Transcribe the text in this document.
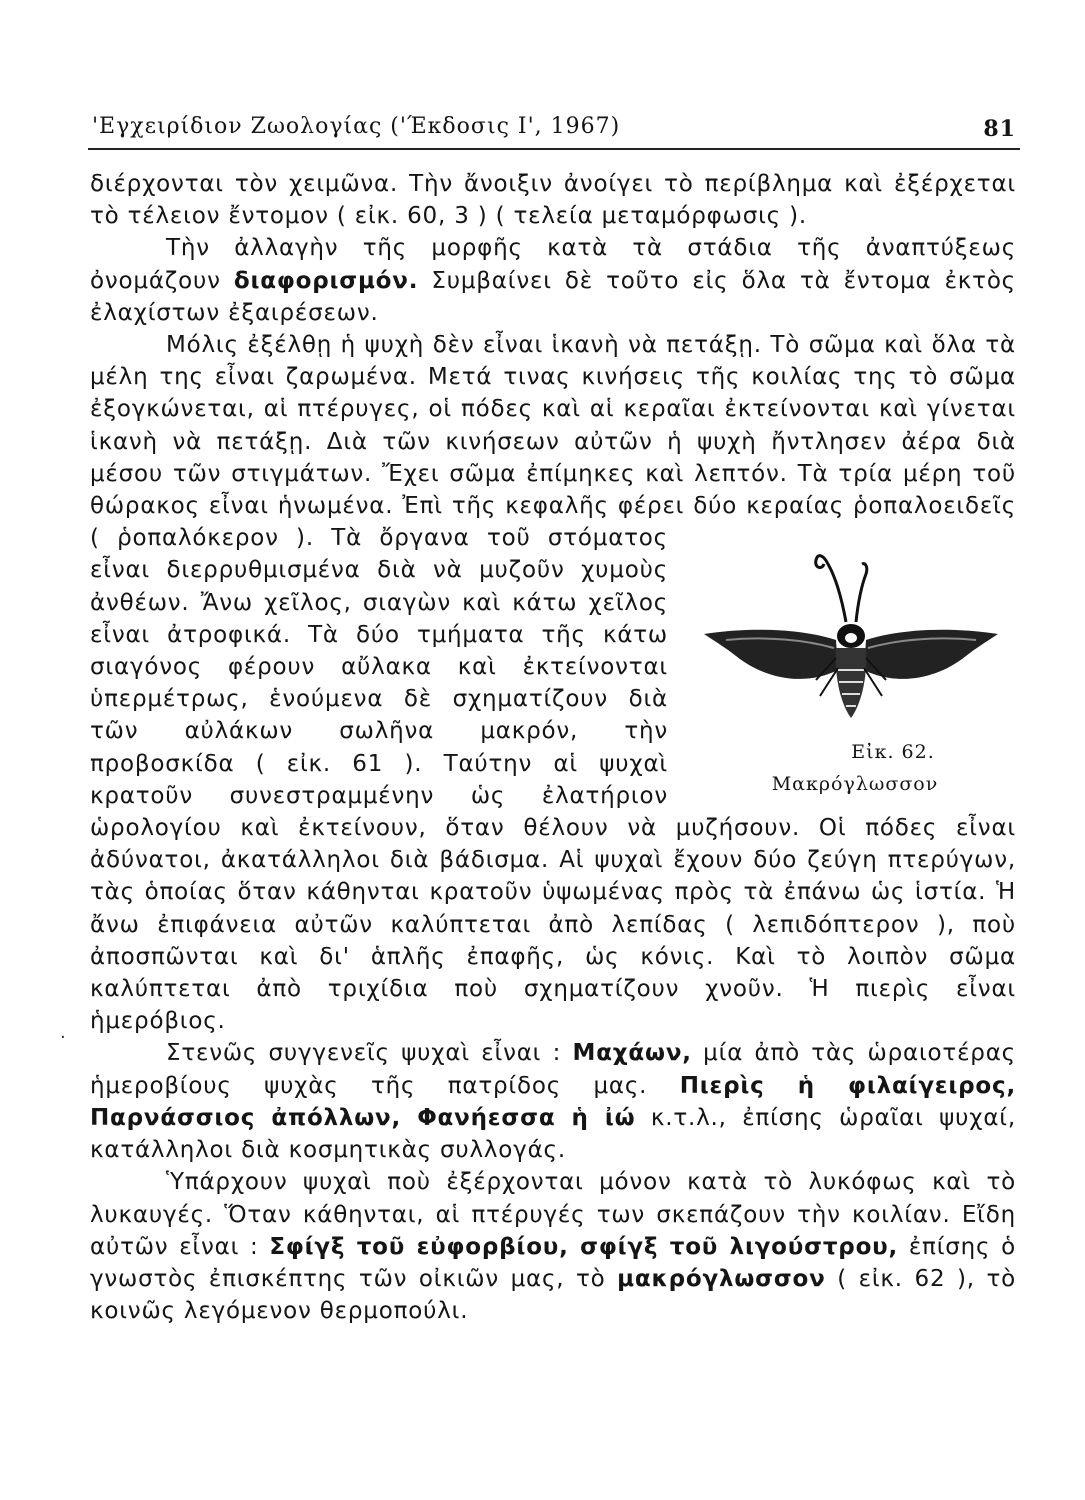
'Εγχειρίδιον Ζωολογίας ('Έκδοσις Ι', 1967)	81
·

διέρχονται τὸν χειμῶνα. Τὴν ἄνοιξιν ἀνοίγει τὸ περίβλημα καὶ ἐξέρχεται τὸ τέλειον ἔντομον ( εἰκ. 60, 3 ) ( τελεία μεταμόρφωσις ).

Τὴν ἀλλαγὴν τῆς μορφῆς κατὰ τὰ στάδια τῆς ἀναπτύξεως ὀνομάζουν διαφορισμόν. Συμβαίνει δὲ τοῦτο εἰς ὅλα τὰ ἔντομα ἐκτὸς ἐλαχίστων ἐξαιρέσεων.

Μόλις ἐξέλθῃ ἡ ψυχὴ δὲν εἶναι ἱκανὴ νὰ πετάξῃ. Τὸ σῶμα καὶ ὅλα τὰ μέλη της εἶναι ζαρωμένα. Μετά τινας κινήσεις τῆς κοιλίας της τὸ σῶμα ἐξογκώνεται, αἱ πτέρυγες, οἱ πόδες καὶ αἱ κεραῖαι ἐκτείνονται καὶ γίνεται ἱκανὴ νὰ πετάξῃ. Διὰ τῶν κινήσεων αὐτῶν ἡ ψυχὴ ἤντλησεν ἀέρα διὰ μέσου τῶν στιγμάτων. Ἔχει σῶμα ἐπίμηκες καὶ λεπτόν. Τὰ τρία μέρη τοῦ θώρακος εἶναι ἡνωμένα. Ἐπὶ τῆς κεφαλῆς φέρει δύο κεραίας ῥοπαλοειδεῖς ( ῥοπαλόκερον ). Τὰ ὄργανα
Εἰκ. 62. Μακρόγλωσσον
τοῦ στόματος εἶναι διερρυθμισμένα διὰ νὰ μυζοῦν χυμοὺς ἀνθέων. Ἄνω χεῖλος, σιαγὼν καὶ κάτω χεῖλος εἶναι ἀτροφικά. Τὰ δύο τμήματα τῆς κάτω σιαγόνος φέρουν αὔλακα καὶ ἐκτείνονται ὑπερμέτρως, ἑνούμενα δὲ σχηματίζουν διὰ τῶν αὐλάκων σωλῆνα μακρόν, τὴν προβοσκίδα ( εἰκ. 61 ). Ταύτην αἱ ψυχαὶ κρατοῦν συνεστραμμένην ὡς ἐλατήριον ὡρολογίου καὶ ἐκτείνουν, ὅταν θέλουν νὰ μυζήσουν. Οἱ πόδες εἶναι ἀδύνατοι, ἀκατάλληλοι διὰ βάδισμα. Αἱ ψυχαὶ ἔχουν δύο ζεύγη πτερύγων, τὰς ὁποίας ὅταν κάθηνται κρατοῦν ὑψωμένας πρὸς τὰ ἐπάνω ὡς ἱστία. Ἡ ἄνω ἐπιφάνεια αὐτῶν καλύπτεται ἀπὸ λεπίδας ( λεπιδόπτερον ), ποὺ ἀποσπῶνται καὶ δι' ἁπλῆς ἐπαφῆς, ὡς κόνις. Καὶ τὸ λοιπὸν σῶμα καλύπτεται ἀπὸ τριχίδια ποὺ σχηματίζουν χνοῦν. Ἡ πιερὶς εἶναι ἡμερόβιος.

Στενῶς συγγενεῖς ψυχαὶ εἶναι : Μαχάων, μία ἀπὸ τὰς ὡραιοτέρας ἡμεροβίους ψυχὰς τῆς πατρίδος μας. Πιερὶς ἡ φιλαίγειρος, Παρνάσσιος ἀπόλλων, Φανήεσσα ἡ ἰώ κ.τ.λ., ἐπίσης ὡραῖαι ψυχαί, κατάλληλοι διὰ κοσμητικὰς συλλογάς.

Ὑπάρχουν ψυχαὶ ποὺ ἐξέρχονται μόνον κατὰ τὸ λυκόφως καὶ τὸ λυκαυγές. Ὅταν κάθηνται, αἱ πτέρυγές των σκεπάζουν τὴν κοιλίαν. Εἴδη αὐτῶν εἶναι : Σφίγξ τοῦ εὐφορβίου, σφίγξ τοῦ λιγούστρου, ἐπίσης ὁ γνωστὸς ἐπισκέπτης τῶν οἰκιῶν μας, τὸ μακρόγλωσσον ( εἰκ. 62 ), τὸ κοινῶς λεγόμενον θερμοπούλι.
